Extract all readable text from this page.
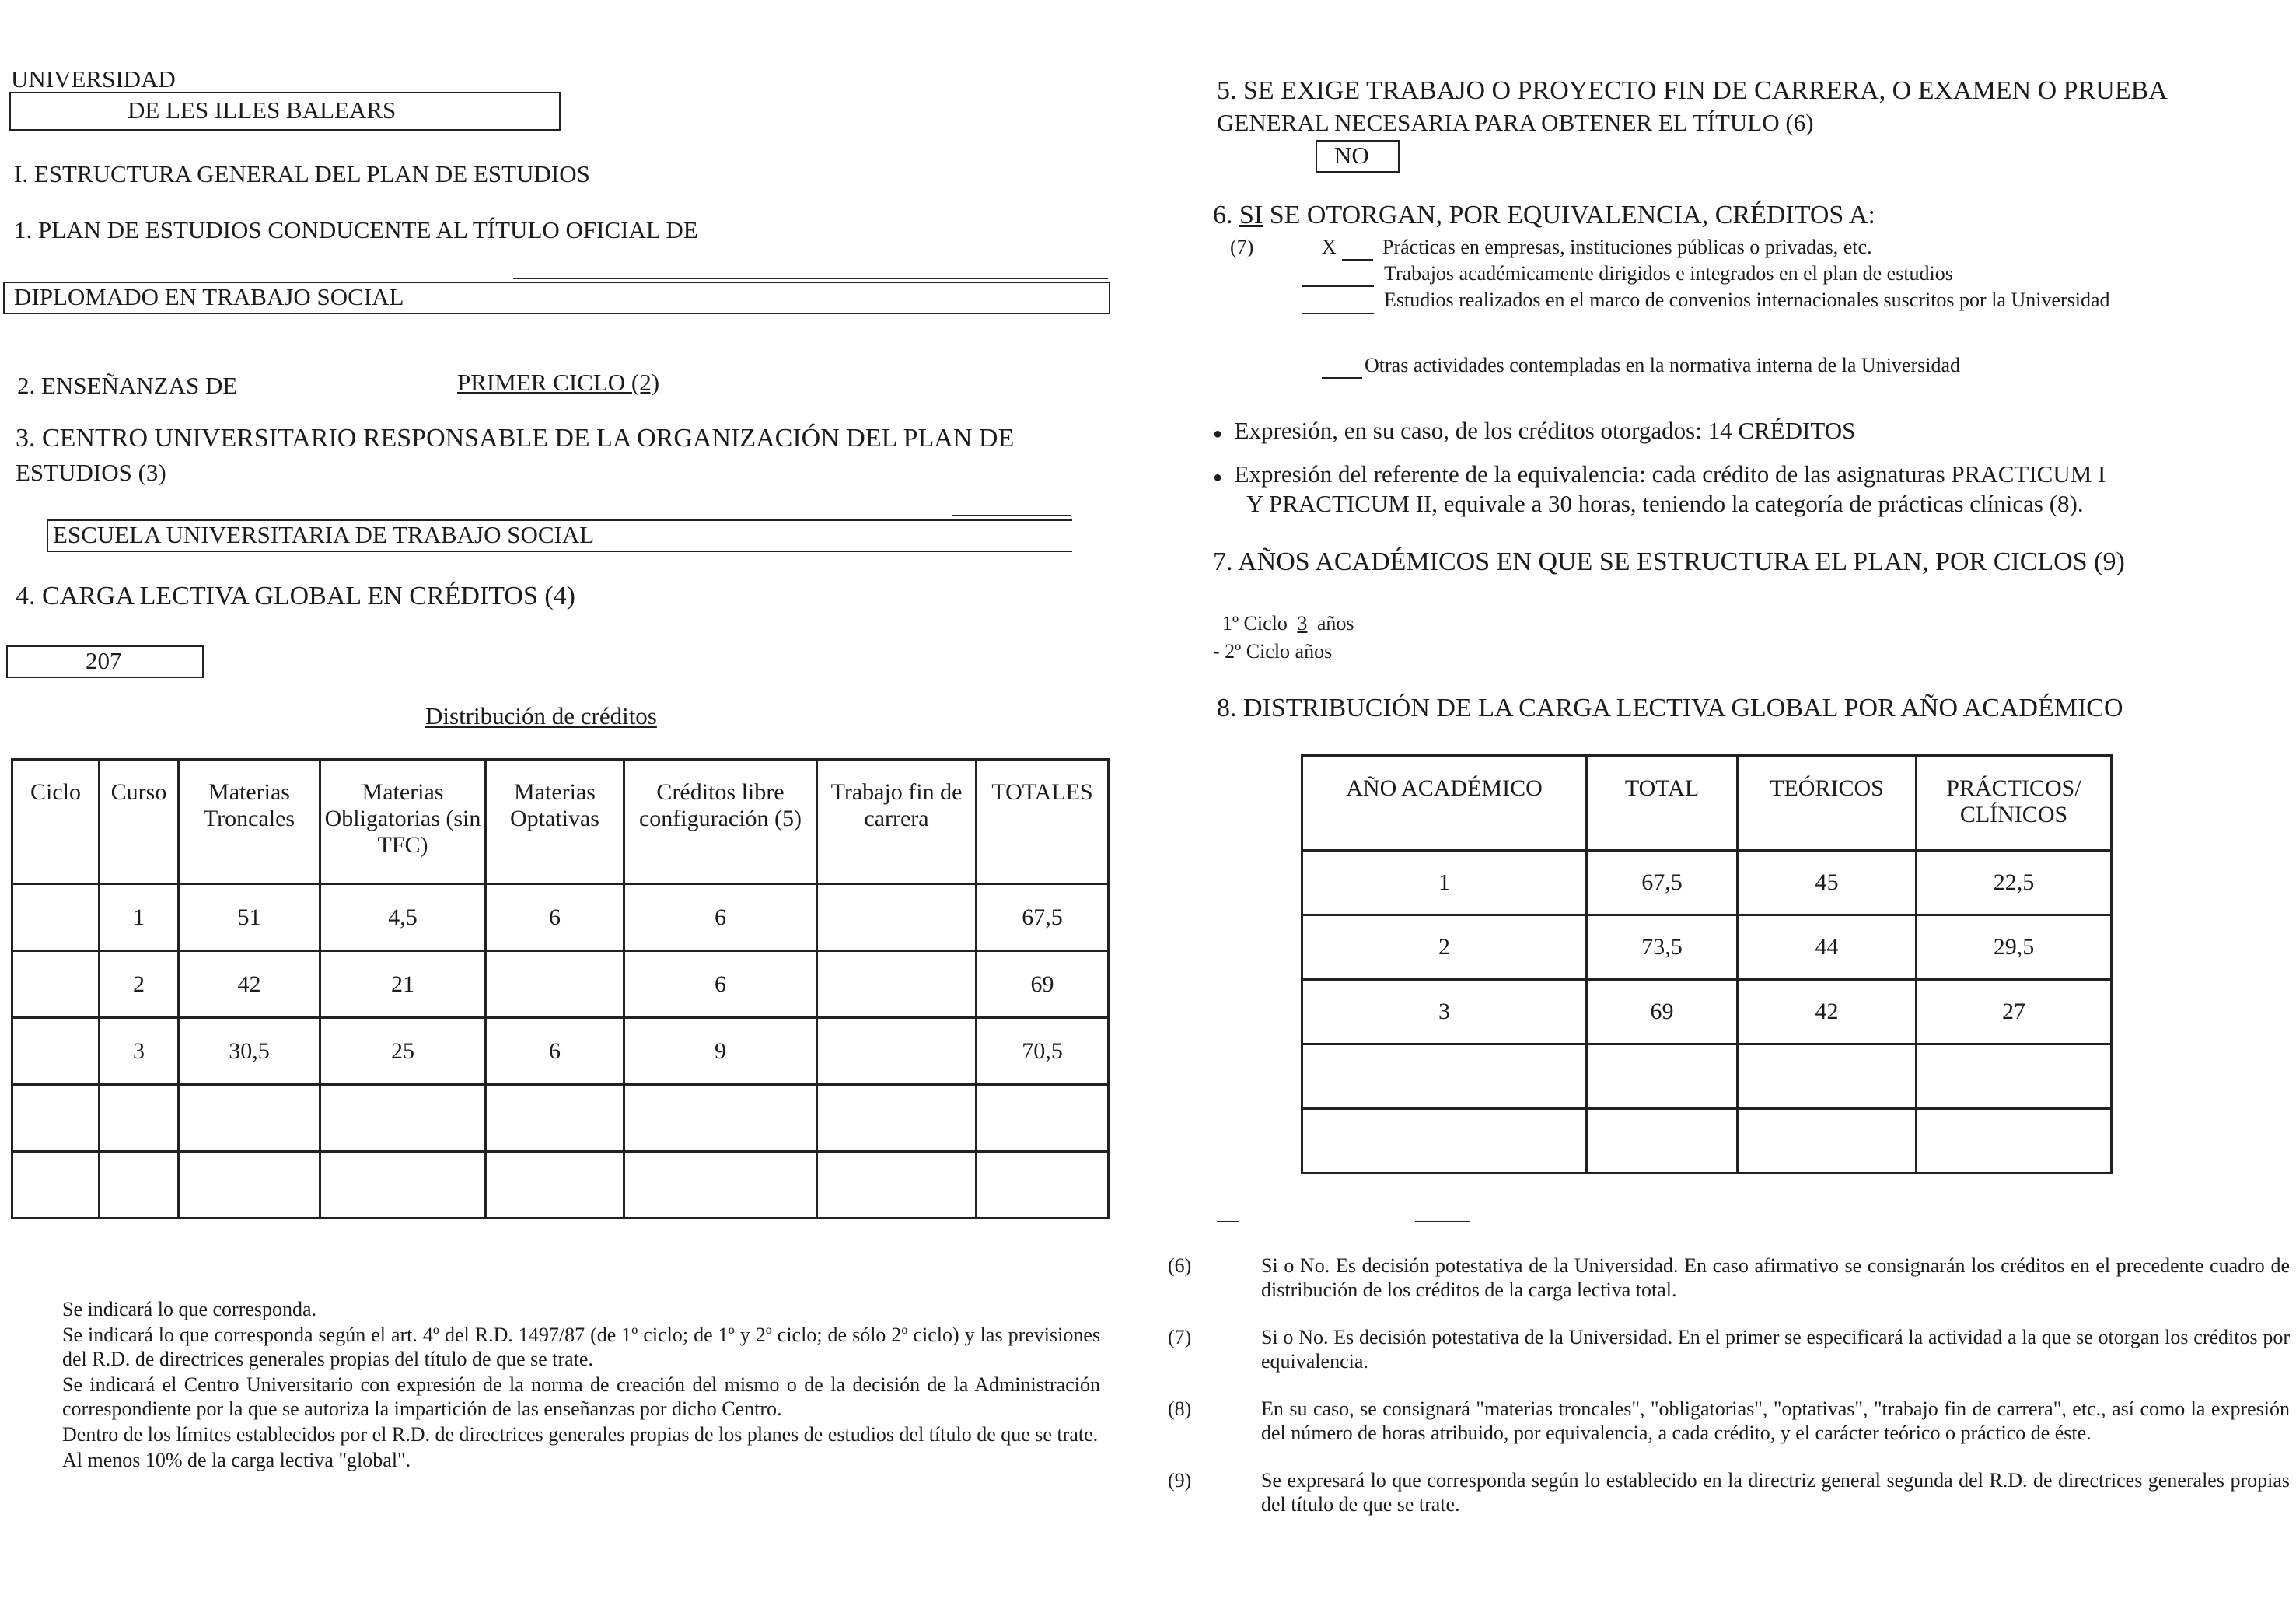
UNIVERSIDAD
DE LES ILLES BALEARS
I. ESTRUCTURA GENERAL DEL PLAN DE ESTUDIOS
1. PLAN DE ESTUDIOS CONDUCENTE AL TÍTULO OFICIAL DE
DIPLOMADO EN TRABAJO SOCIAL
2. ENSEÑANZAS DE	PRIMER CICLO (2)
3. CENTRO UNIVERSITARIO RESPONSABLE DE LA ORGANIZACIÓN DEL PLAN DE
ESTUDIOS (3)
ESCUELA UNIVERSITARIA DE TRABAJO SOCIAL
4. CARGA LECTIVA GLOBAL EN CRÉDITOS (4)
207
Distribución de créditos
Ciclo	Curso	Materias Troncales	Materias Obligatorias (sin TFC)	Materias Optativas	Créditos libre configuración (5)	Trabajo fin de carrera	TOTALES
	1	51	4,5	6	6		67,5
	2	42	21		6		69
	3	30,5	25	6	9		70,5

Se indicará lo que corresponda.
Se indicará lo que corresponda según el art. 4º del R.D. 1497/87 (de 1º ciclo; de 1º y 2º ciclo; de sólo 2º ciclo) y las previsiones del R.D. de directrices generales propias del título de que se trate.
Se indicará el Centro Universitario con expresión de la norma de creación del mismo o de la decisión de la Administración correspondiente por la que se autoriza la impartición de las enseñanzas por dicho Centro.
Dentro de los límites establecidos por el R.D. de directrices generales propias de los planes de estudios del título de que se trate.
Al menos 10% de la carga lectiva "global".
5. SE EXIGE TRABAJO O PROYECTO FIN DE CARRERA, O EXAMEN O PRUEBA
GENERAL NECESARIA PARA OBTENER EL TÍTULO (6)
NO
6. SI SE OTORGAN, POR EQUIVALENCIA, CRÉDITOS A:
(7)	X Prácticas en empresas, instituciones públicas o privadas, etc.
Trabajos académicamente dirigidos e integrados en el plan de estudios
Estudios realizados en el marco de convenios internacionales suscritos por la Universidad
Otras actividades contempladas en la normativa interna de la Universidad
● Expresión, en su caso, de los créditos otorgados: 14 CRÉDITOS
● Expresión del referente de la equivalencia: cada crédito de las asignaturas PRACTICUM I
Y PRACTICUM II, equivale a 30 horas, teniendo la categoría de prácticas clínicas (8).
7. AÑOS ACADÉMICOS EN QUE SE ESTRUCTURA EL PLAN, POR CICLOS (9)
1º Ciclo 3 años
- 2º Ciclo años
8. DISTRIBUCIÓN DE LA CARGA LECTIVA GLOBAL POR AÑO ACADÉMICO
AÑO ACADÉMICO	TOTAL	TEÓRICOS	PRÁCTICOS/ CLÍNICOS
1	67,5	45	22,5
2	73,5	44	29,5
3	69	42	27

(6)	Si o No. Es decisión potestativa de la Universidad. En caso afirmativo se consignarán los créditos en el precedente cuadro de distribución de los créditos de la carga lectiva total.
(7)	Si o No. Es decisión potestativa de la Universidad. En el primer se especificará la actividad a la que se otorgan los créditos por equivalencia.
(8)	En su caso, se consignará "materias troncales", "obligatorias", "optativas", "trabajo fin de carrera", etc., así como la expresión del número de horas atribuido, por equivalencia, a cada crédito, y el carácter teórico o práctico de éste.
(9)	Se expresará lo que corresponda según lo establecido en la directriz general segunda del R.D. de directrices generales propias del título de que se trate.
